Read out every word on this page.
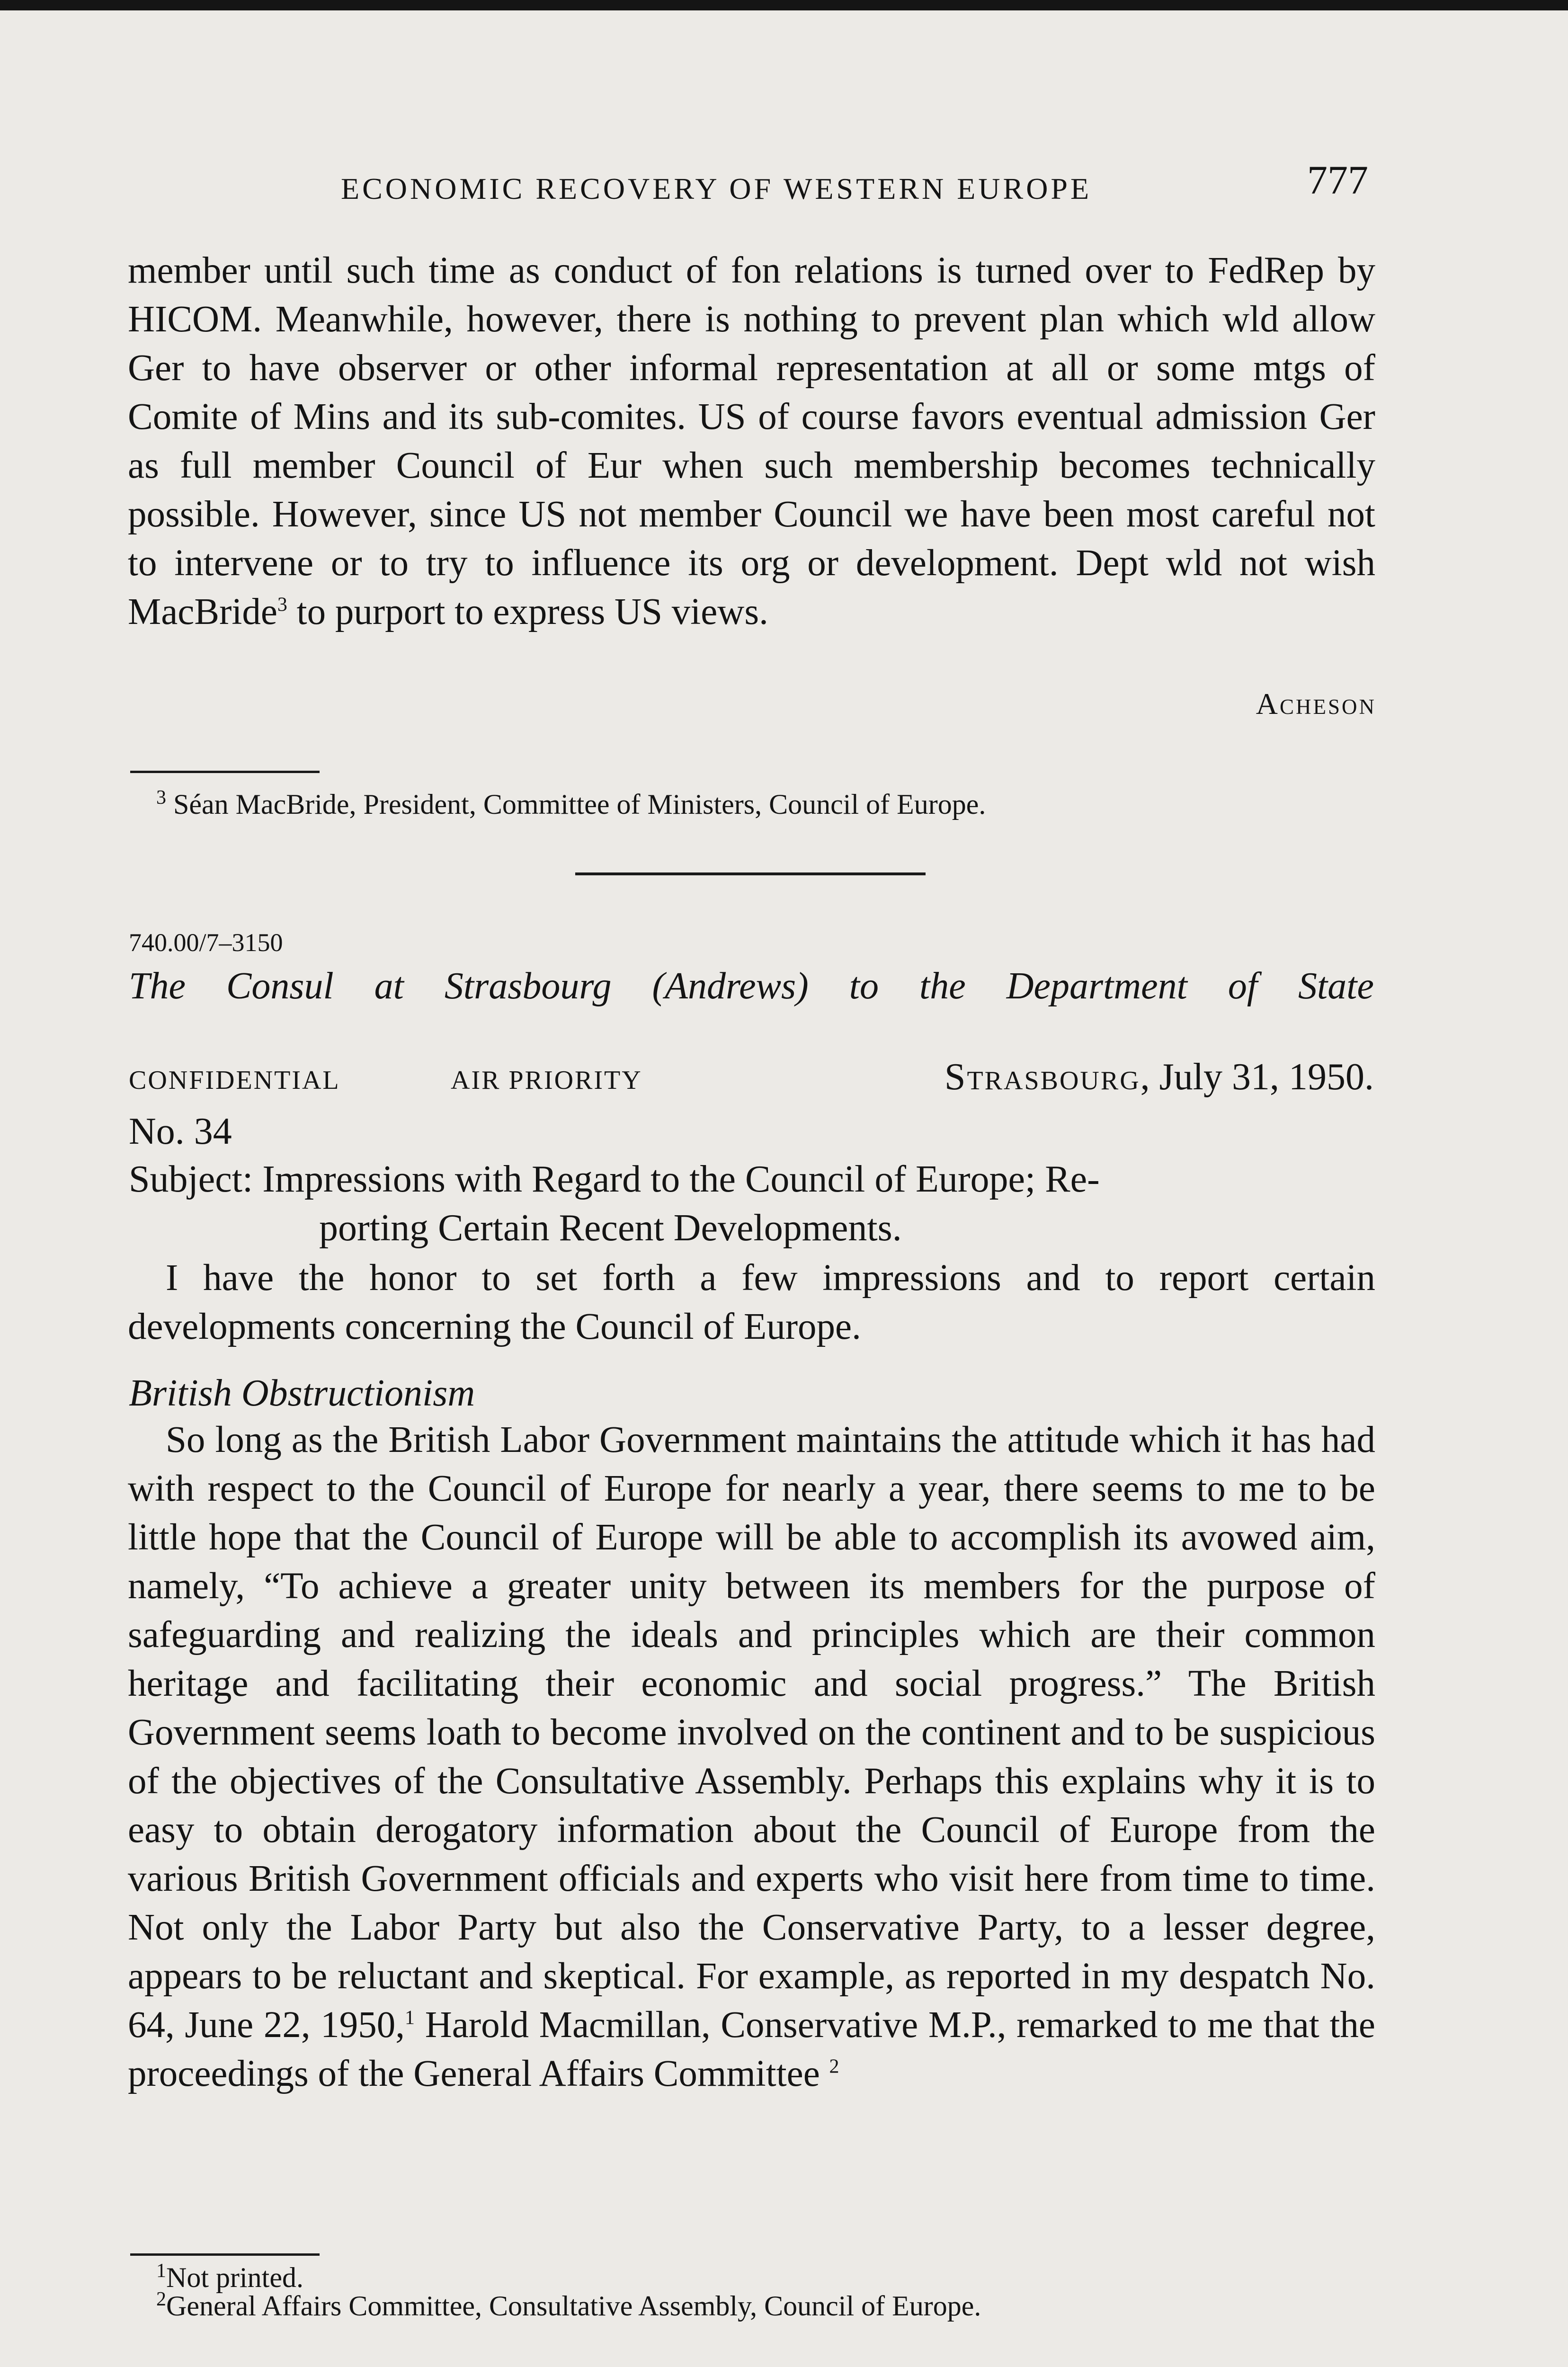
ECONOMIC RECOVERY OF WESTERN EUROPE	777

member until such time as conduct of fon relations is turned over to FedRep by HICOM. Meanwhile, however, there is nothing to prevent plan which wld allow Ger to have observer or other informal representation at all or some mtgs of Comite of Mins and its sub-comites. US of course favors eventual admission Ger as full member Council of Eur when such membership becomes technically possible. However, since US not member Council we have been most careful not to intervene or to try to influence its org or development. Dept wld not wish MacBride$^3$ to purport to express US views.

Acheson
$^3$ Séan MacBride, President, Committee of Ministers, Council of Europe.
740.00/7–3150
The Consul at Strasbourg (Andrews) to the Department of State
CONFIDENTIAL	AIR PRIORITY	Strasbourg, July 31, 1950.
No. 34
Subject: Impressions with Regard to the Council of Europe; Re-
porting Certain Recent Developments.

I have the honor to set forth a few impressions and to report certain developments concerning the Council of Europe.

British Obstructionism

So long as the British Labor Government maintains the attitude which it has had with respect to the Council of Europe for nearly a year, there seems to me to be little hope that the Council of Europe will be able to accomplish its avowed aim, namely, “To achieve a greater unity between its members for the purpose of safeguarding and realizing the ideals and principles which are their common heritage and facilitating their economic and social progress.” The British Government seems loath to become involved on the continent and to be suspicious of the objectives of the Consultative Assembly. Perhaps this explains why it is to easy to obtain derogatory information about the Council of Europe from the various British Government officials and experts who visit here from time to time. Not only the Labor Party but also the Conservative Party, to a lesser degree, appears to be reluctant and skeptical. For example, as reported in my despatch No. 64, June 22, 1950,$^1$ Harold Macmillan, Conservative M.P., remarked to me that the proceedings of the General Affairs Committee $^2$

$^1$Not printed.
$^2$General Affairs Committee, Consultative Assembly, Council of Europe.
